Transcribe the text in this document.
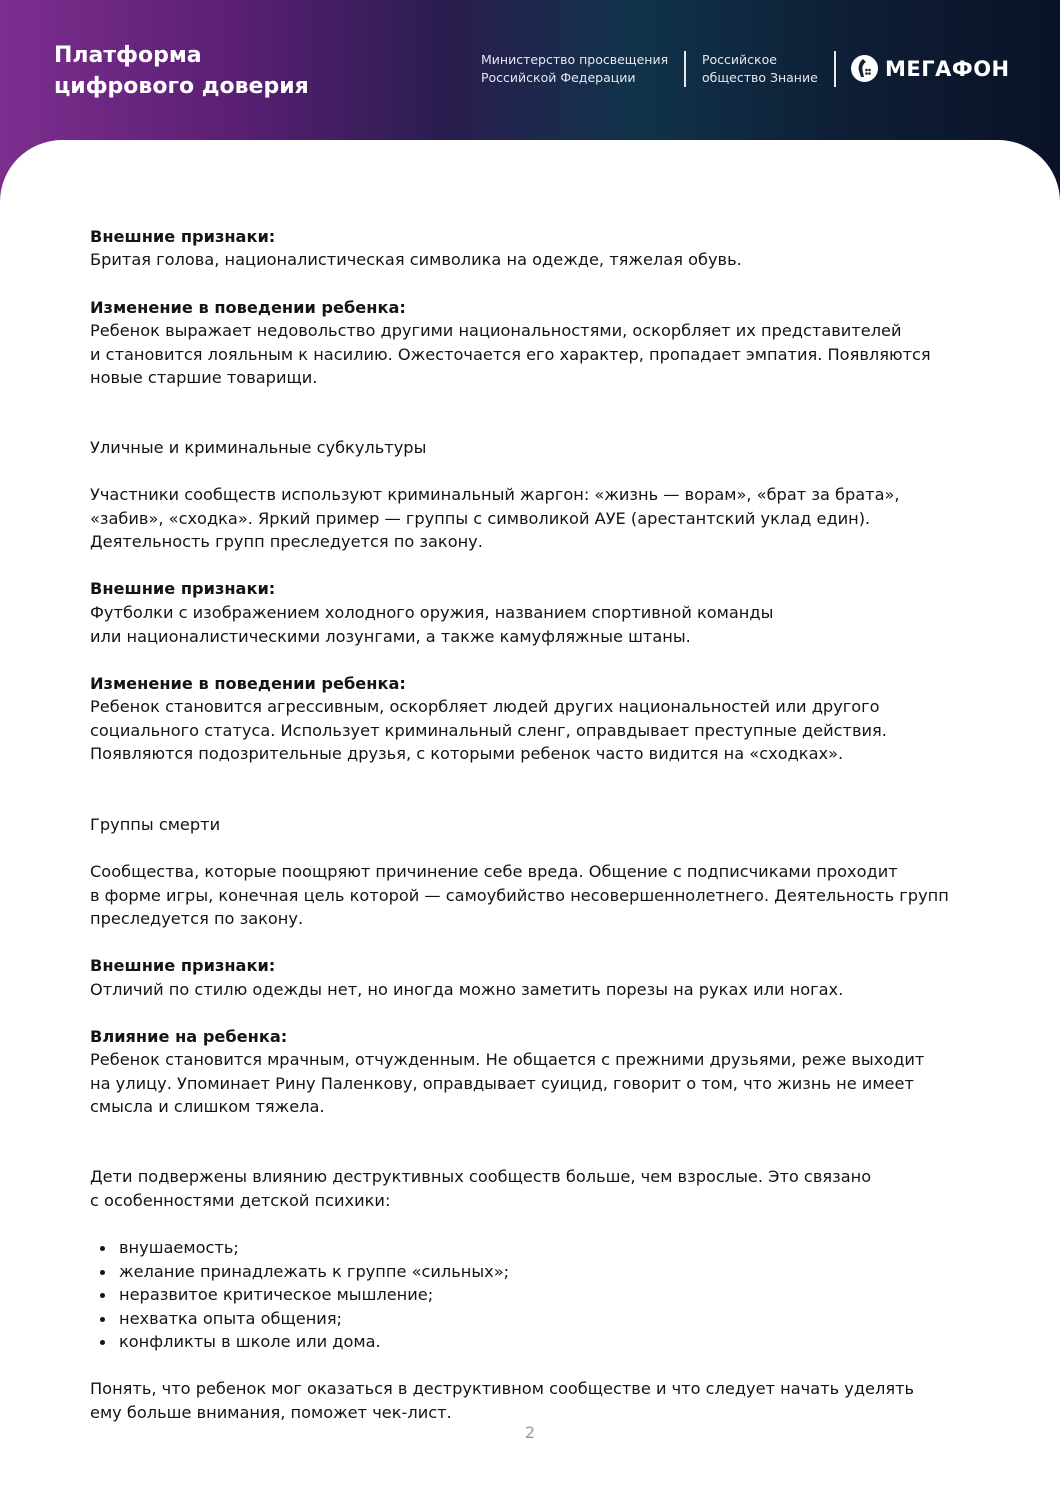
Платформа
цифрового доверия
Министерство просвещения
Российской Федерации
Российское
общество Знание	МЕГАФОН

Внешние признаки:

Бритая голова, националистическая символика на одежде, тяжелая обувь.

Изменение в поведении ребенка:

Ребенок выражает недовольство другими национальностями, оскорбляет их представителей
и становится лояльным к насилию. Ожесточается его характер, пропадает эмпатия. Появляются
новые старшие товарищи.

Уличные и криминальные субкультуры

Участники сообществ используют криминальный жаргон: «жизнь — ворам», «брат за брата»,
«забив», «сходка». Яркий пример — группы с символикой АУЕ (арестантский уклад един).
Деятельность групп преследуется по закону.

Внешние признаки:

Футболки с изображением холодного оружия, названием спортивной команды
или националистическими лозунгами, а также камуфляжные штаны.

Изменение в поведении ребенка:

Ребенок становится агрессивным, оскорбляет людей других национальностей или другого
социального статуса. Использует криминальный сленг, оправдывает преступные действия.
Появляются подозрительные друзья, с которыми ребенок часто видится на «сходках».

Группы смерти

Сообщества, которые поощряют причинение себе вреда. Общение с подписчиками проходит
в форме игры, конечная цель которой — самоубийство несовершеннолетнего. Деятельность групп
преследуется по закону.

Внешние признаки:

Отличий по стилю одежды нет, но иногда можно заметить порезы на руках или ногах.

Влияние на ребенка:

Ребенок становится мрачным, отчужденным. Не общается с прежними друзьями, реже выходит
на улицу. Упоминает Рину Паленкову, оправдывает суицид, говорит о том, что жизнь не имеет
смысла и слишком тяжела.

Дети подвержены влиянию деструктивных сообществ больше, чем взрослые. Это связано
с особенностями детской психики:

внушаемость;
желание принадлежать к группе «сильных»;
неразвитое критическое мышление;
нехватка опыта общения;
конфликты в школе или дома.

Понять, что ребенок мог оказаться в деструктивном сообществе и что следует начать уделять
ему больше внимания, поможет чек-лист.

2
